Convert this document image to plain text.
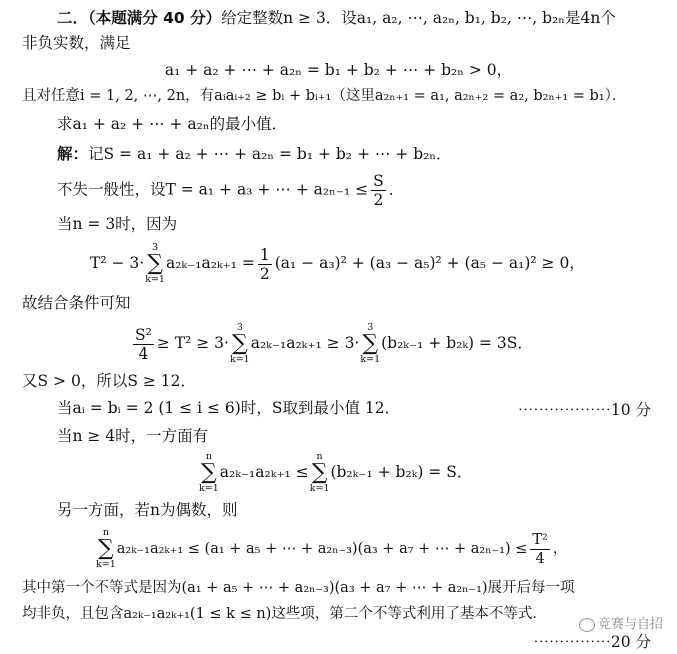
二．（本题满分 40 分）给定整数n ≥ 3．设a₁, a₂, ⋯, a₂ₙ, b₁, b₂, ⋯, b₂ₙ是4n个
非负实数，满足
a₁ + a₂ + ⋯ + a₂ₙ = b₁ + b₂ + ⋯ + b₂ₙ > 0，
且对任意i = 1, 2, ⋯, 2n，有aᵢaᵢ₊₂ ≥ bᵢ + bᵢ₊₁（这里a₂ₙ₊₁ = a₁, a₂ₙ₊₂ = a₂, b₂ₙ₊₁ = b₁）．
求a₁ + a₂ + ⋯ + a₂ₙ的最小值．
解：记S = a₁ + a₂ + ⋯ + a₂ₙ = b₁ + b₂ + ⋯ + b₂ₙ．
不失一般性，设T = a₁ + a₃ + ⋯ + $a_{2n-1} \le \frac{S}{2}$ ．
当n = 3时，因为
T² − 3·
3
∑
k=1
$a_{2k-1}a_{2k+1} = \frac{1}{2} (a_1 - a_3)^2 + (a_3 - a_5)^2 + (a_5 - a_1)^2 \ge 0$，
故结合条件可知
$\frac{\text{S²}}{4} \ge T^2 \ge 3\cdot$
3
∑
k=1
a₂ₖ₋₁a₂ₖ₊₁ ≥ 3·
3
∑
k=1
(b₂ₖ₋₁ + b₂ₖ) = 3S．
又S > 0，所以S ≥ 12．
当aᵢ = bᵢ = 2 (1 ≤ i ≤ 6)时，S取到最小值 12．	⋯⋯⋯⋯⋯⋯10 分
当n ≥ 4时，一方面有
n
∑
k=1
a₂ₖ₋₁a₂ₖ₊₁ ≤
n
∑
k=1
(b₂ₖ₋₁ + b₂ₖ) = S．
另一方面，若n为偶数，则
n
∑
k=1
a₂ₖ₋₁a₂ₖ₊₁ ≤ (a₁ + a₅ + ⋯ + a₂ₙ₋₃)(a₃ + a₇ + ⋯ + $a_{2n-1}) \le \frac{\text{T²}}{4}$ ，
其中第一个不等式是因为(a₁ + a₅ + ⋯ + a₂ₙ₋₃)(a₃ + a₇ + ⋯ + a₂ₙ₋₁)展开后每一项
均非负，且包含a₂ₖ₋₁a₂ₖ₊₁(1 ≤ k ≤ n)这些项，第二个不等式利用了基本不等式．
⋯⋯⋯⋯⋯20 分
竞赛与自招
